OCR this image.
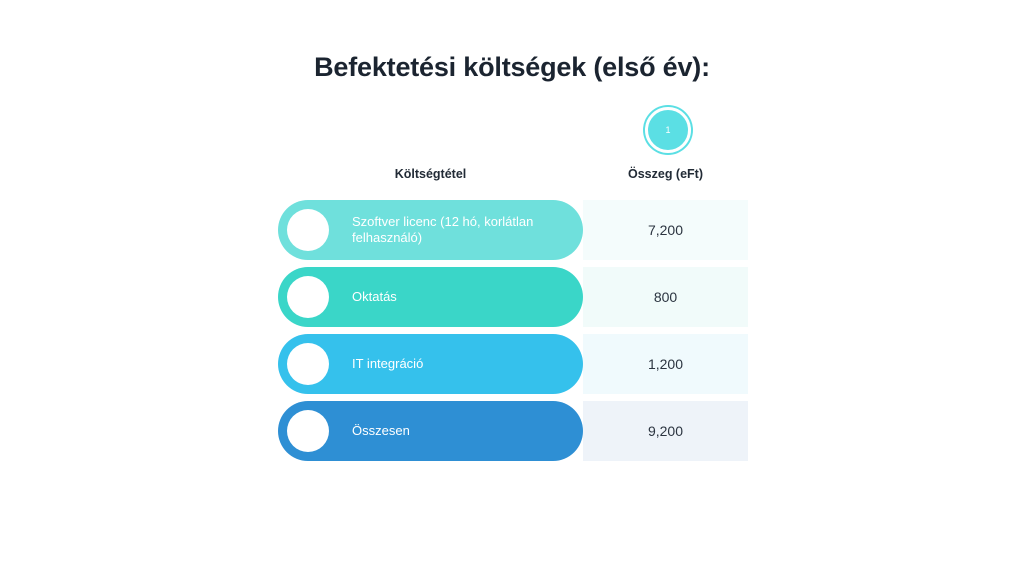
Befektetési költségek (első év):
1
Költségtétel	Összeg (eFt)
Szoftver licenc (12 hó, korlátlan felhasználó)	7,200
Oktatás	800
IT integráció	1,200
Összesen	9,200
